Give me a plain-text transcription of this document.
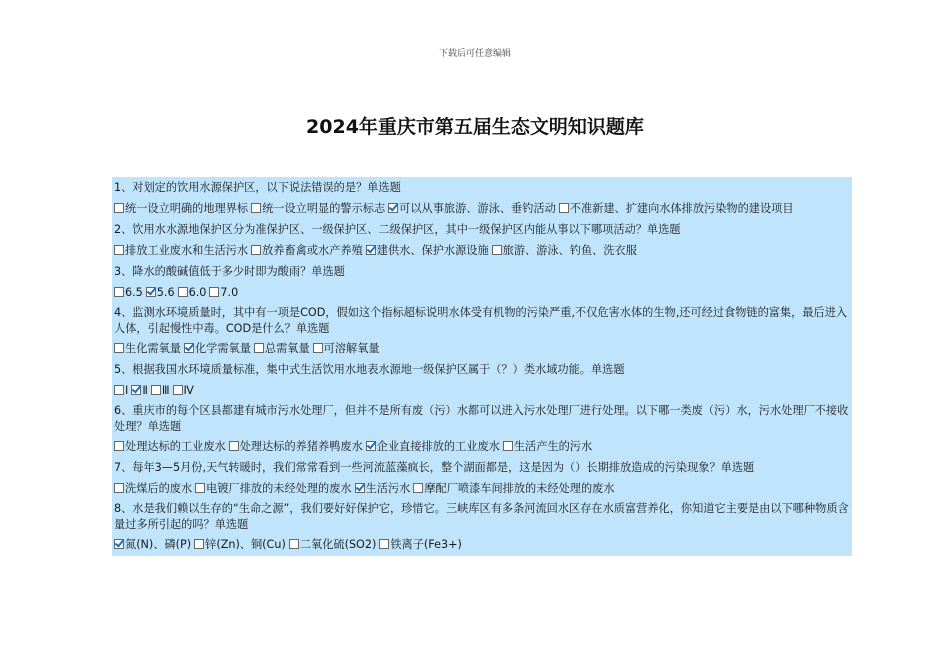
下载后可任意编辑
2024年重庆市第五届生态文明知识题库
1、对划定的饮用水源保护区，以下说法错误的是？单选题
统一设立明确的地理界标 统一设立明显的警示标志 可以从事旅游、游泳、垂钓活动 不准新建、扩建向水体排放污染物的建设项目
2、饮用水水源地保护区分为准保护区、一级保护区、二级保护区，其中一级保护区内能从事以下哪项活动？单选题
排放工业废水和生活污水 放养畜禽或水产养殖 建供水、保护水源设施 旅游、游泳、钓鱼、洗衣服
3、降水的酸碱值低于多少时即为酸雨？单选题
6.5 5.6 6.0 7.0
4、监测水环境质量时，其中有一项是COD，假如这个指标超标说明水体受有机物的污染严重,不仅危害水体的生物,还可经过食物链的富集，最后进入人体，引起慢性中毒。COD是什么？单选题
生化需氧量 化学需氧量 总需氧量 可溶解氧量
5、根据我国水环境质量标准，集中式生活饮用水地表水源地一级保护区属于（？）类水域功能。单选题
Ⅰ Ⅱ Ⅲ Ⅳ
6、重庆市的每个区县都建有城市污水处理厂，但并不是所有废（污）水都可以进入污水处理厂进行处理。以下哪一类废（污）水，污水处理厂不接收处理？单选题
处理达标的工业废水 处理达标的养猪养鸭废水 企业直接排放的工业废水 生活产生的污水
7、每年3—5月份,天气转暖时，我们常常看到一些河流蓝藻疯长，整个湖面都是，这是因为（）长期排放造成的污染现象？单选题
洗煤后的废水 电镀厂排放的未经处理的废水 生活污水 摩配厂喷漆车间排放的未经处理的废水
8、水是我们赖以生存的“生命之源”，我们要好好保护它，珍惜它。三峡库区有多条河流回水区存在水质富营养化，你知道它主要是由以下哪种物质含量过多所引起的吗？单选题
氮(N)、磷(P) 锌(Zn)、铜(Cu) 二氧化硫(SO2) 铁离子(Fe3+)
